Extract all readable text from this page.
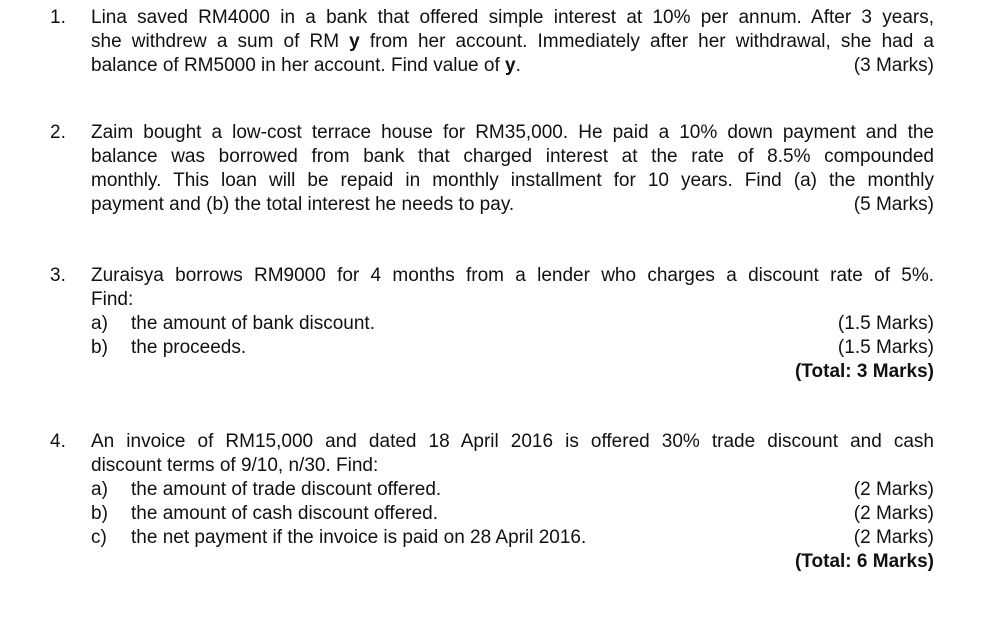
1. Lina saved RM4000 in a bank that offered simple interest at 10% per annum. After 3 years,
she withdrew a sum of RM y from her account. Immediately after her withdrawal, she had a
balance of RM5000 in her account. Find value of y.	(3 Marks)
2. Zaim bought a low-cost terrace house for RM35,000. He paid a 10% down payment and the
balance was borrowed from bank that charged interest at the rate of 8.5% compounded
monthly. This loan will be repaid in monthly installment for 10 years. Find (a) the monthly
payment and (b) the total interest he needs to pay.	(5 Marks)
3. Zuraisya borrows RM9000 for 4 months from a lender who charges a discount rate of 5%.
Find:
a) the amount of bank discount.	(1.5 Marks)
b) the proceeds.	(1.5 Marks)
(Total: 3 Marks)
4. An invoice of RM15,000 and dated 18 April 2016 is offered 30% trade discount and cash
discount terms of 9/10, n/30. Find:
a) the amount of trade discount offered.	(2 Marks)
b) the amount of cash discount offered.	(2 Marks)
c) the net payment if the invoice is paid on 28 April 2016.	(2 Marks)
(Total: 6 Marks)
